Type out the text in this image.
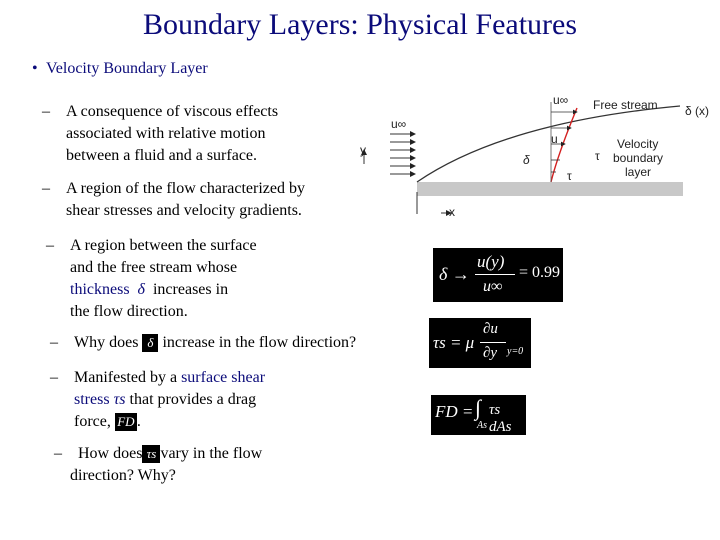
Boundary Layers: Physical Features
• Velocity Boundary Layer
– A consequence of viscous effects
associated with relative motion
between a fluid and a surface.
– A region of the flow characterized by
shear stresses and velocity gradients.
– A region between the surface
and the free stream whose
thickness δ increases in
the flow direction.
– Why does δ increase in the flow direction?
– Manifested by a surface shear
stress τs that provides a drag
force, FD .
– How does τs vary in the flow
direction? Why?
δ →
u(y)
u∞
= 0.99
τs = μ
∂u
∂y y=0
FD = ∫
As
τs dAs
x
y
u∞
u∞
u
δ
Free stream δ (x)
τ
τ
Velocity
boundary
layer
